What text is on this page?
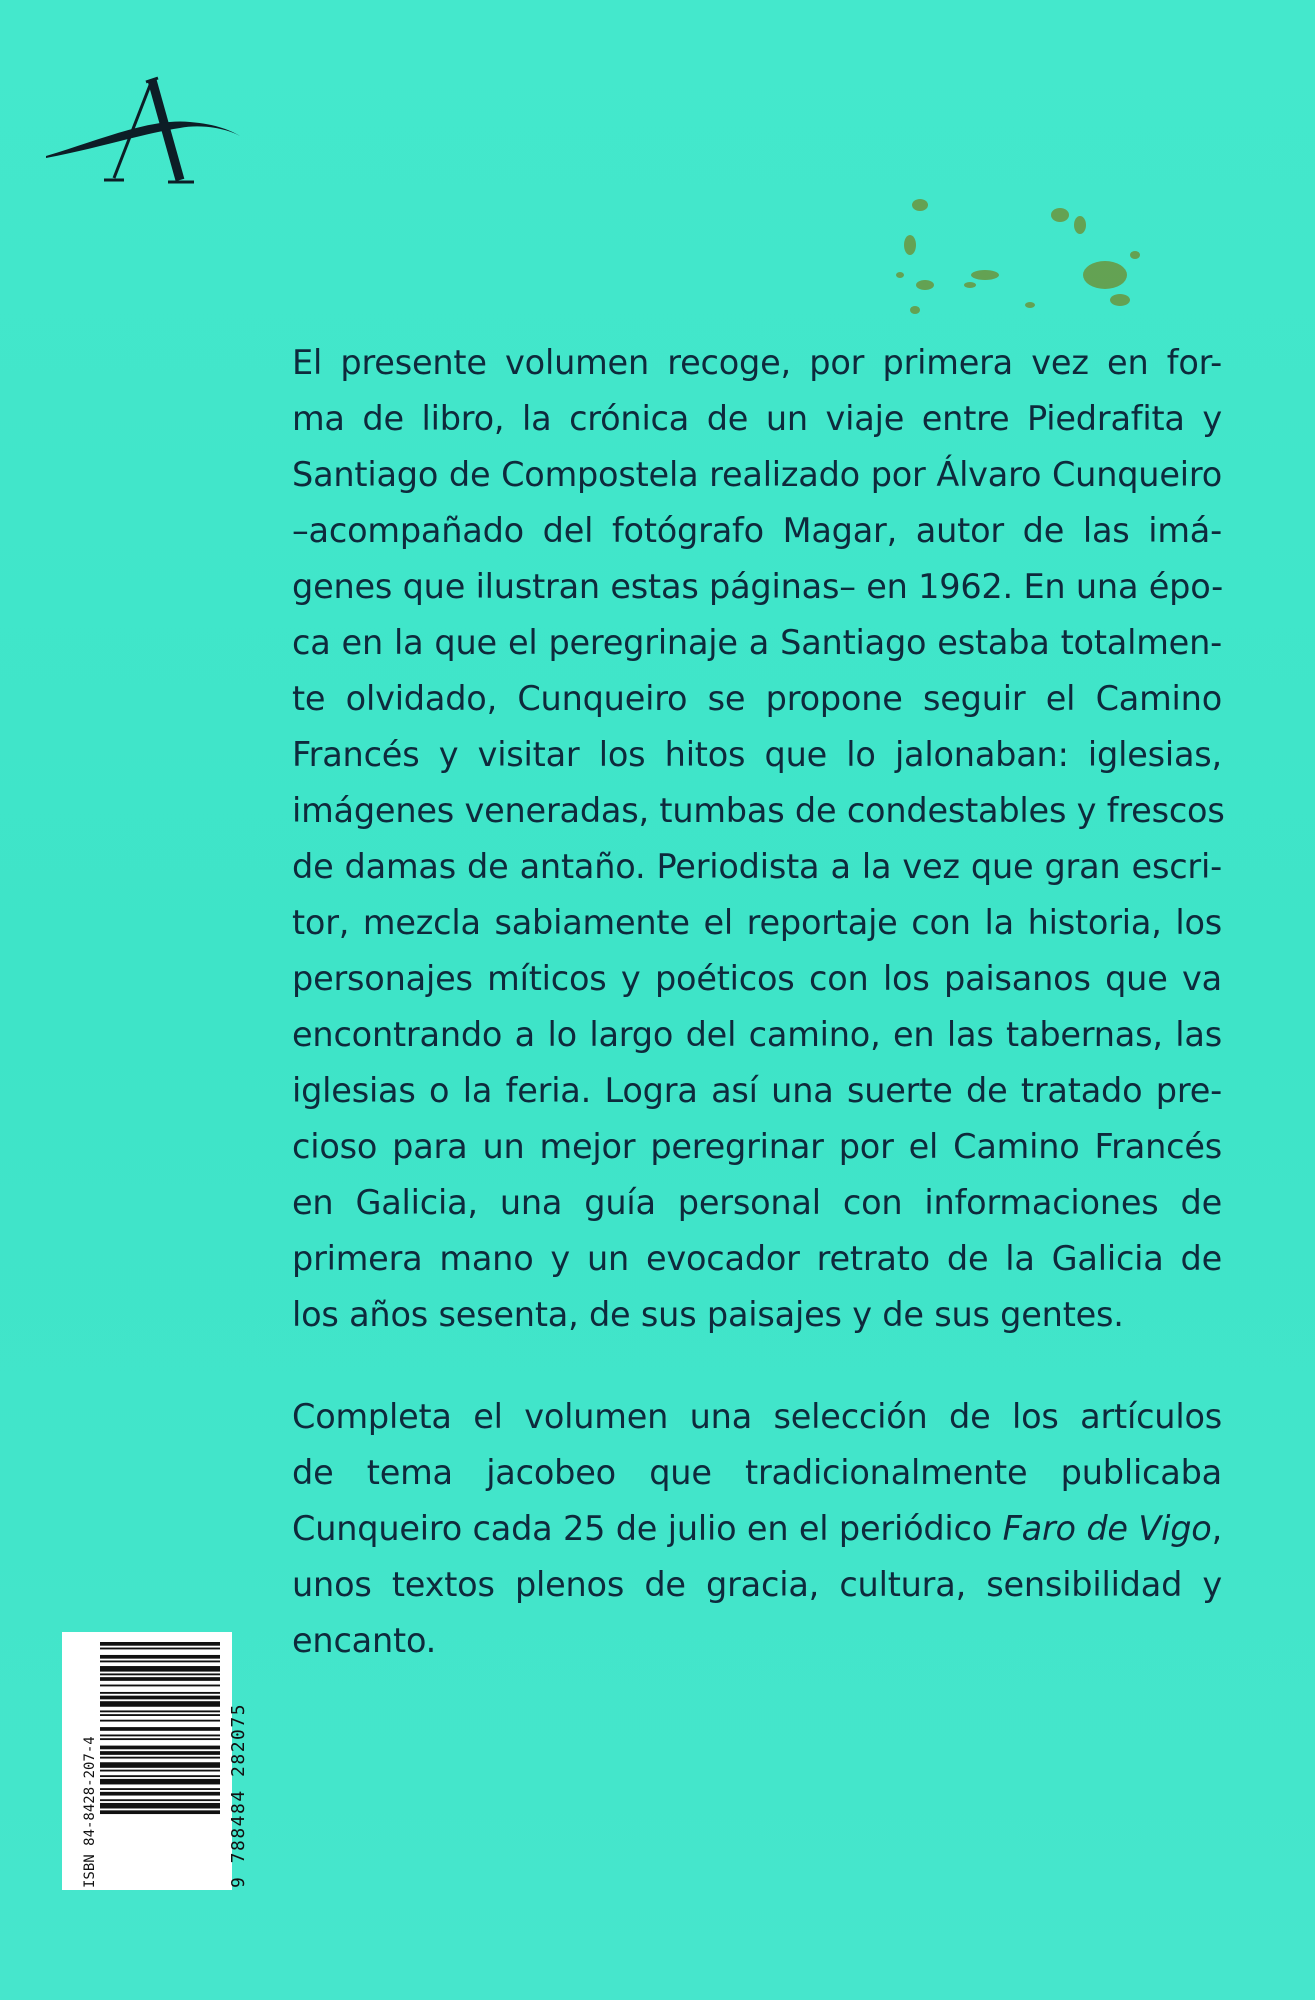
El presente volumen recoge, por primera vez en for-
ma de libro, la crónica de un viaje entre Piedrafita y
Santiago de Compostela realizado por Álvaro Cunqueiro
–acompañado del fotógrafo Magar, autor de las imá-
genes que ilustran estas páginas– en 1962. En una épo-
ca en la que el peregrinaje a Santiago estaba totalmen-
te olvidado, Cunqueiro se propone seguir el Camino
Francés y visitar los hitos que lo jalonaban: iglesias,
imágenes veneradas, tumbas de condestables y frescos
de damas de antaño. Periodista a la vez que gran escri-
tor, mezcla sabiamente el reportaje con la historia, los
personajes míticos y poéticos con los paisanos que va
encontrando a lo largo del camino, en las tabernas, las
iglesias o la feria. Logra así una suerte de tratado pre-
cioso para un mejor peregrinar por el Camino Francés
en Galicia, una guía personal con informaciones de
primera mano y un evocador retrato de la Galicia de
los años sesenta, de sus paisajes y de sus gentes.
Completa el volumen una selección de los artículos
de tema jacobeo que tradicionalmente publicaba
Cunqueiro cada 25 de julio en el periódico Faro de Vigo,
unos textos plenos de gracia, cultura, sensibilidad y
encanto.
ISBN 84-8428-207-4	9 788484 282075
